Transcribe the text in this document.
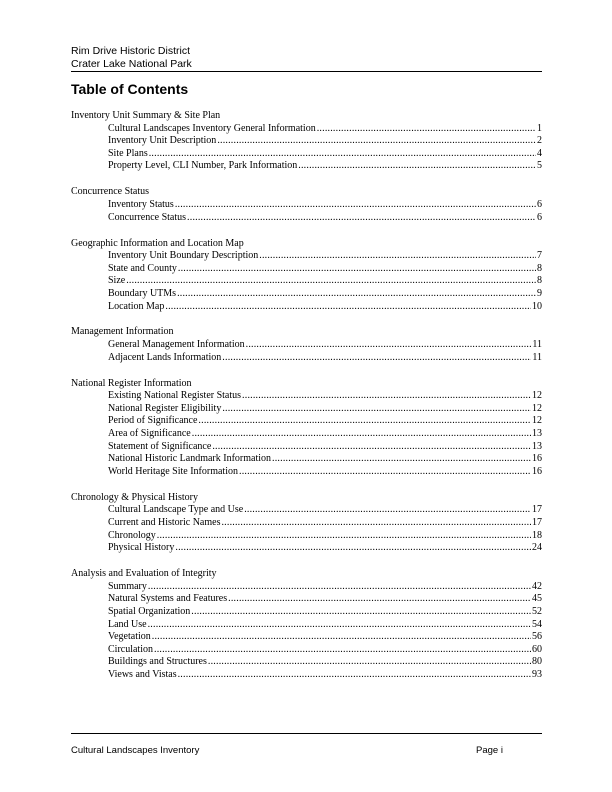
Rim Drive Historic District
Crater Lake National Park
Table of Contents
Inventory Unit Summary & Site Plan
Cultural Landscapes Inventory General Information .....	1
Inventory Unit Description .....	2
Site Plans .....	4
Property Level, CLI Number, Park Information .....	5
Concurrence Status
Inventory Status .....	6
Concurrence Status .....	6
Geographic Information and Location Map
Inventory Unit Boundary Description .....	7
State and County .....	8
Size .....	8
Boundary UTMs .....	9
Location Map .....	10
Management Information
General Management Information .....	11
Adjacent Lands Information .....	11
National Register Information
Existing National Register Status .....	12
National Register Eligibility .....	12
Period of Significance .....	12
Area of Significance .....	13
Statement of Significance .....	13
National Historic Landmark Information .....	16
World Heritage Site Information .....	16
Chronology & Physical History
Cultural Landscape Type and Use .....	17
Current and Historic Names .....	17
Chronology .....	18
Physical History .....	24
Analysis and Evaluation of Integrity
Summary .....	42
Natural Systems and Features .....	45
Spatial Organization .....	52
Land Use .....	54
Vegetation .....	56
Circulation .....	60
Buildings and Structures .....	80
Views and Vistas .....	93
Cultural Landscapes Inventory	Page i
